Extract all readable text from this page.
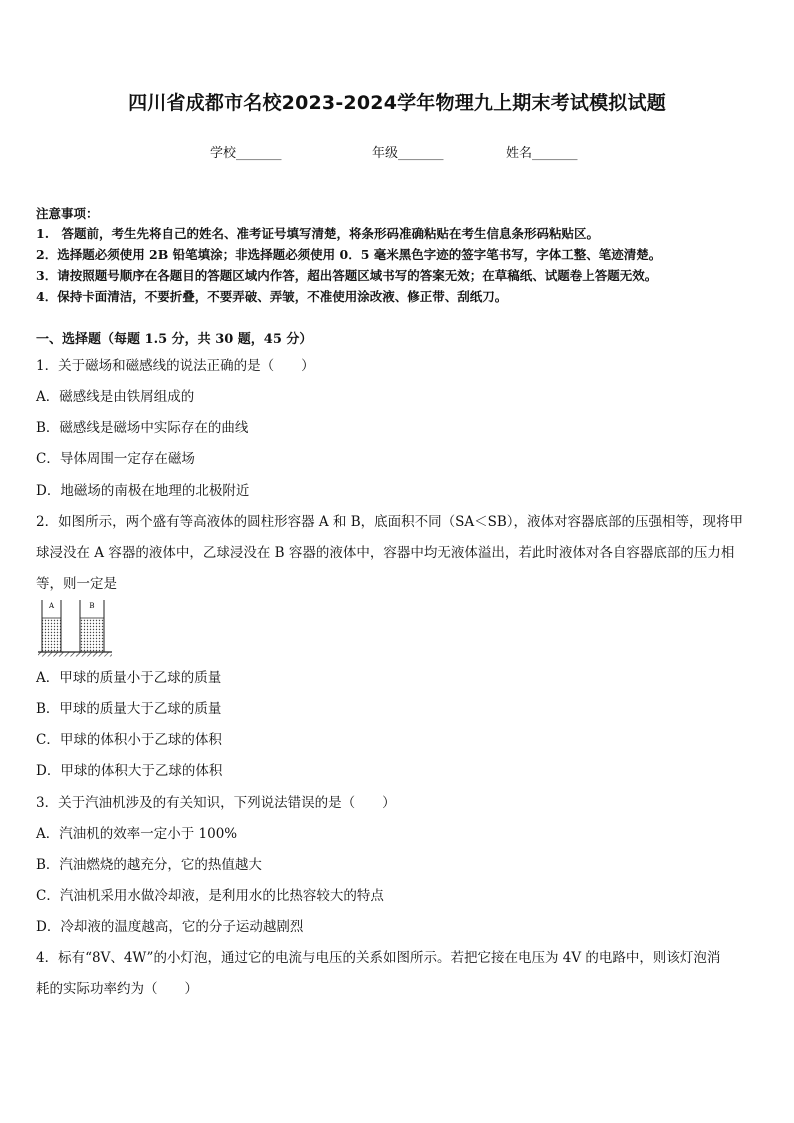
四川省成都市名校2023-2024学年物理九上期末考试模拟试题
学校_______	年级_______	姓名_______
注意事项：
1.　答题前，考生先将自己的姓名、准考证号填写清楚，将条形码准确粘贴在考生信息条形码粘贴区。
2．选择题必须使用 2B 铅笔填涂；非选择题必须使用 0．5 毫米黑色字迹的签字笔书写，字体工整、笔迹清楚。
3．请按照题号顺序在各题目的答题区域内作答，超出答题区域书写的答案无效；在草稿纸、试题卷上答题无效。
4．保持卡面清洁，不要折叠，不要弄破、弄皱，不准使用涂改液、修正带、刮纸刀。
一、选择题（每题 1.5 分，共 30 题，45 分）
1．关于磁场和磁感线的说法正确的是（　　）
A．磁感线是由铁屑组成的
B．磁感线是磁场中实际存在的曲线
C．导体周围一定存在磁场
D．地磁场的南极在地理的北极附近
2．如图所示，两个盛有等高液体的圆柱形容器 A 和 B，底面积不同（SA＜SB），液体对容器底部的压强相等，现将甲
球浸没在 A 容器的液体中，乙球浸没在 B 容器的液体中，容器中均无液体溢出，若此时液体对各自容器底部的压力相
等，则一定是
A	B
A．甲球的质量小于乙球的质量
B．甲球的质量大于乙球的质量
C．甲球的体积小于乙球的体积
D．甲球的体积大于乙球的体积
3．关于汽油机涉及的有关知识，下列说法错误的是（　　）
A．汽油机的效率一定小于 100%
B．汽油燃烧的越充分，它的热值越大
C．汽油机采用水做冷却液，是利用水的比热容较大的特点
D．冷却液的温度越高，它的分子运动越剧烈
4．标有“8V、4W”的小灯泡，通过它的电流与电压的关系如图所示。若把它接在电压为 4V 的电路中，则该灯泡消
耗的实际功率约为（　　）
